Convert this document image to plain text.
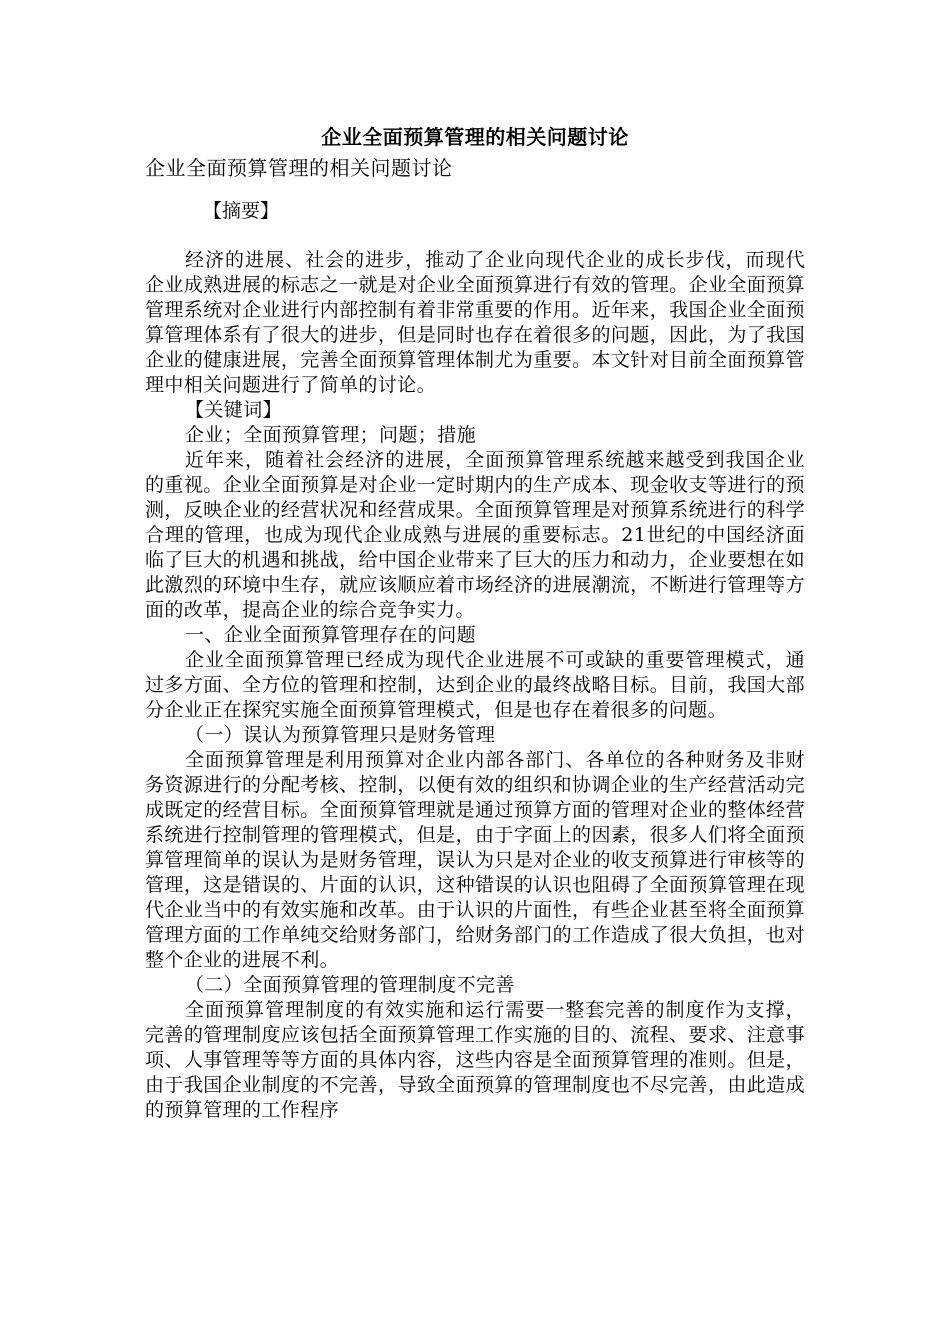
企业全面预算管理的相关问题讨论

企业全面预算管理的相关问题讨论

【摘要】

经济的进展、社会的进步，推动了企业向现代企业的成长步伐，而现代企业成熟进展的标志之一就是对企业全面预算进行有效的管理。企业全面预算管理系统对企业进行内部控制有着非常重要的作用。近年来，我国企业全面预算管理体系有了很大的进步，但是同时也存在着很多的问题，因此，为了我国企业的健康进展，完善全面预算管理体制尤为重要。本文针对目前全面预算管理中相关问题进行了简单的讨论。

【关键词】

企业；全面预算管理；问题；措施

近年来，随着社会经济的进展，全面预算管理系统越来越受到我国企业的重视。企业全面预算是对企业一定时期内的生产成本、现金收支等进行的预测，反映企业的经营状况和经营成果。全面预算管理是对预算系统进行的科学合理的管理，也成为现代企业成熟与进展的重要标志。21世纪的中国经济面临了巨大的机遇和挑战，给中国企业带来了巨大的压力和动力，企业要想在如此激烈的环境中生存，就应该顺应着市场经济的进展潮流，不断进行管理等方面的改革，提高企业的综合竞争实力。

一、企业全面预算管理存在的问题

企业全面预算管理已经成为现代企业进展不可或缺的重要管理模式，通过多方面、全方位的管理和控制，达到企业的最终战略目标。目前，我国大部分企业正在探究实施全面预算管理模式，但是也存在着很多的问题。

（一）误认为预算管理只是财务管理

全面预算管理是利用预算对企业内部各部门、各单位的各种财务及非财务资源进行的分配考核、控制，以便有效的组织和协调企业的生产经营活动完成既定的经营目标。全面预算管理就是通过预算方面的管理对企业的整体经营系统进行控制管理的管理模式，但是，由于字面上的因素，很多人们将全面预算管理简单的误认为是财务管理，误认为只是对企业的收支预算进行审核等的管理，这是错误的、片面的认识，这种错误的认识也阻碍了全面预算管理在现代企业当中的有效实施和改革。由于认识的片面性，有些企业甚至将全面预算管理方面的工作单纯交给财务部门，给财务部门的工作造成了很大负担，也对整个企业的进展不利。

（二）全面预算管理的管理制度不完善

全面预算管理制度的有效实施和运行需要一整套完善的制度作为支撑，完善的管理制度应该包括全面预算管理工作实施的目的、流程、要求、注意事项、人事管理等等方面的具体内容，这些内容是全面预算管理的准则。但是，由于我国企业制度的不完善，导致全面预算的管理制度也不尽完善，由此造成的预算管理的工作程序
